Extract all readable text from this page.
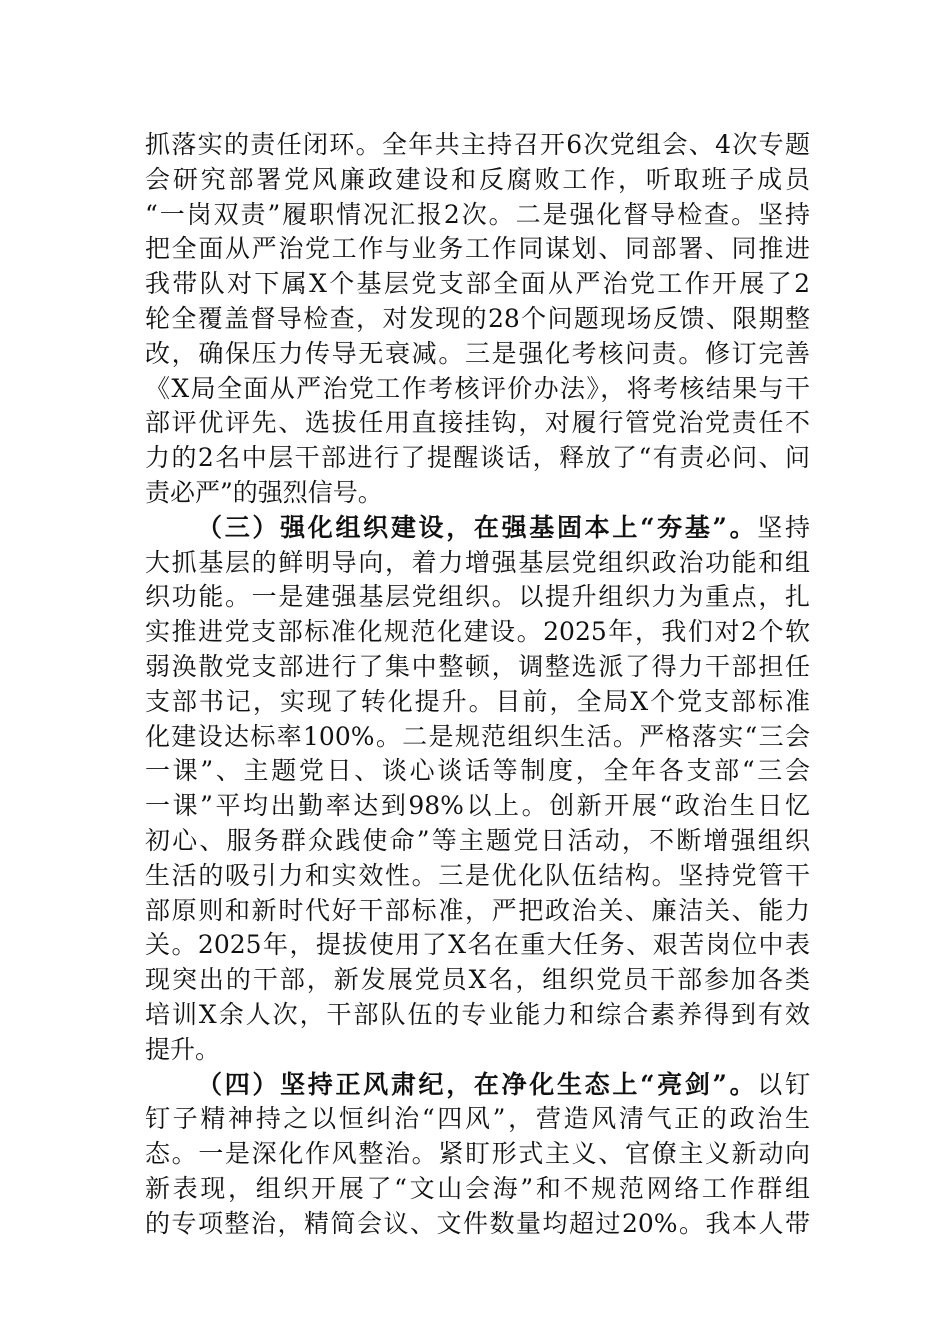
抓落实的责任闭环。全年共主持召开6次党组会、4次专题
会研究部署党风廉政建设和反腐败工作，听取班子成员
“一岗双责”履职情况汇报2次。二是强化督导检查。坚持
把全面从严治党工作与业务工作同谋划、同部署、同推进
我带队对下属X个基层党支部全面从严治党工作开展了2
轮全覆盖督导检查，对发现的28个问题现场反馈、限期整
改，确保压力传导无衰减。三是强化考核问责。修订完善
《X局全面从严治党工作考核评价办法》，将考核结果与干
部评优评先、选拔任用直接挂钩，对履行管党治党责任不
力的2名中层干部进行了提醒谈话，释放了“有责必问、问
责必严”的强烈信号。
（三）强化组织建设，在强基固本上“夯基”。坚持
大抓基层的鲜明导向，着力增强基层党组织政治功能和组
织功能。一是建强基层党组织。以提升组织力为重点，扎
实推进党支部标准化规范化建设。2025年，我们对2个软
弱涣散党支部进行了集中整顿，调整选派了得力干部担任
支部书记，实现了转化提升。目前，全局X个党支部标准
化建设达标率100%。二是规范组织生活。严格落实“三会
一课”、主题党日、谈心谈话等制度，全年各支部“三会
一课”平均出勤率达到98%以上。创新开展“政治生日忆
初心、服务群众践使命”等主题党日活动，不断增强组织
生活的吸引力和实效性。三是优化队伍结构。坚持党管干
部原则和新时代好干部标准，严把政治关、廉洁关、能力
关。2025年，提拔使用了X名在重大任务、艰苦岗位中表
现突出的干部，新发展党员X名，组织党员干部参加各类
培训X余人次，干部队伍的专业能力和综合素养得到有效
提升。
（四）坚持正风肃纪，在净化生态上“亮剑”。以钉
钉子精神持之以恒纠治“四风”，营造风清气正的政治生
态。一是深化作风整治。紧盯形式主义、官僚主义新动向
新表现，组织开展了“文山会海”和不规范网络工作群组
的专项整治，精简会议、文件数量均超过20%。我本人带
